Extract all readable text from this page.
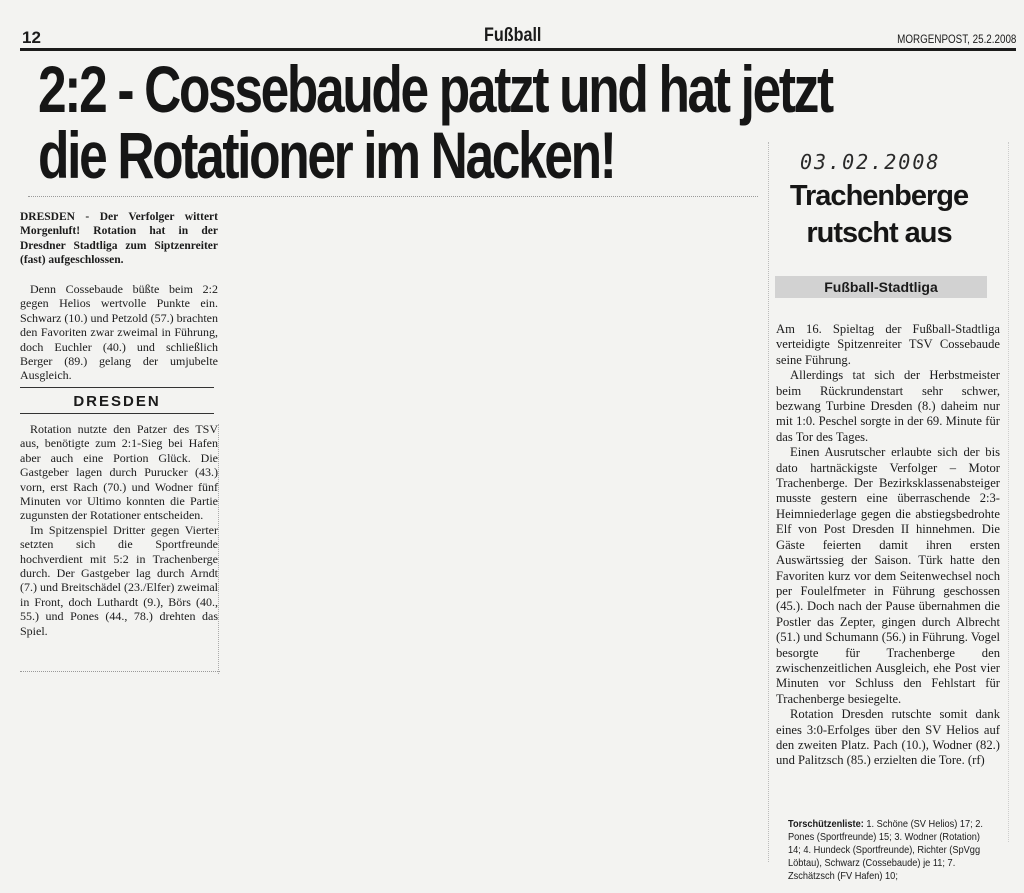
12	Fußball	MORGENPOST, 25.2.2008
2:2 - Cossebaude patzt und hat jetzt
die Rotationer im Nacken!

DRESDEN - Der Verfolger wittert Morgenluft! Rotation hat in der Dresdner Stadtliga zum Siptzenreiter (fast) aufgeschlossen.

Denn Cossebaude büßte beim 2:2 gegen Helios wertvolle Punkte ein. Schwarz (10.) und Petzold (57.) brachten den Favoriten zwar zweimal in Führung, doch Euchler (40.) und schließlich Berger (89.) gelang der umjubelte Ausgleich.

DRESDEN

Rotation nutzte den Patzer des TSV aus, benötigte zum 2:1-Sieg bei Hafen aber auch eine Portion Glück. Die Gastgeber lagen durch Purucker (43.) vorn, erst Rach (70.) und Wodner fünf Minuten vor Ultimo konnten die Partie zugunsten der Rotationer entscheiden.

Im Spitzenspiel Dritter gegen Vierter setzten sich die Sportfreunde hochverdient mit 5:2 in Trachenberge durch. Der Gastgeber lag durch Arndt (7.) und Breitschädel (23./Elfer) zweimal in Front, doch Luthardt (9.), Börs (40., 55.) und Pones (44., 78.) drehten das Spiel.

03.02.2008
Trachenberge
rutscht aus
Fußball-Stadtliga

Am 16. Spieltag der Fußball-Stadtliga verteidigte Spitzenreiter TSV Cossebaude seine Führung.

Allerdings tat sich der Herbstmeister beim Rückrundenstart sehr schwer, bezwang Turbine Dresden (8.) daheim nur mit 1:0. Peschel sorgte in der 69. Minute für das Tor des Tages.

Einen Ausrutscher erlaubte sich der bis dato hartnäckigste Verfolger – Motor Trachenberge. Der Bezirksklassenabsteiger musste gestern eine überraschende 2:3-Heimniederlage gegen die abstiegsbedrohte Elf von Post Dresden II hinnehmen. Die Gäste feierten damit ihren ersten Auswärtssieg der Saison. Türk hatte den Favoriten kurz vor dem Seitenwechsel noch per Foulelfmeter in Führung geschossen (45.). Doch nach der Pause übernahmen die Postler das Zepter, gingen durch Albrecht (51.) und Schumann (56.) in Führung. Vogel besorgte für Trachenberge den zwischenzeitlichen Ausgleich, ehe Post vier Minuten vor Schluss den Fehlstart für Trachenberge besiegelte.

Rotation Dresden rutschte somit dank eines 3:0-Erfolges über den SV Helios auf den zweiten Platz. Pach (10.), Wodner (82.) und Palitzsch (85.) erzielten die Tore. (rf)

Torschützenliste: 1. Schöne (SV Helios) 17; 2. Pones (Sportfreunde) 15; 3. Wodner (Rotation) 14; 4. Hundeck (Sportfreunde), Richter (SpVgg Löbtau), Schwarz (Cossebaude) je 11; 7. Zschätzsch (FV Hafen) 10;
